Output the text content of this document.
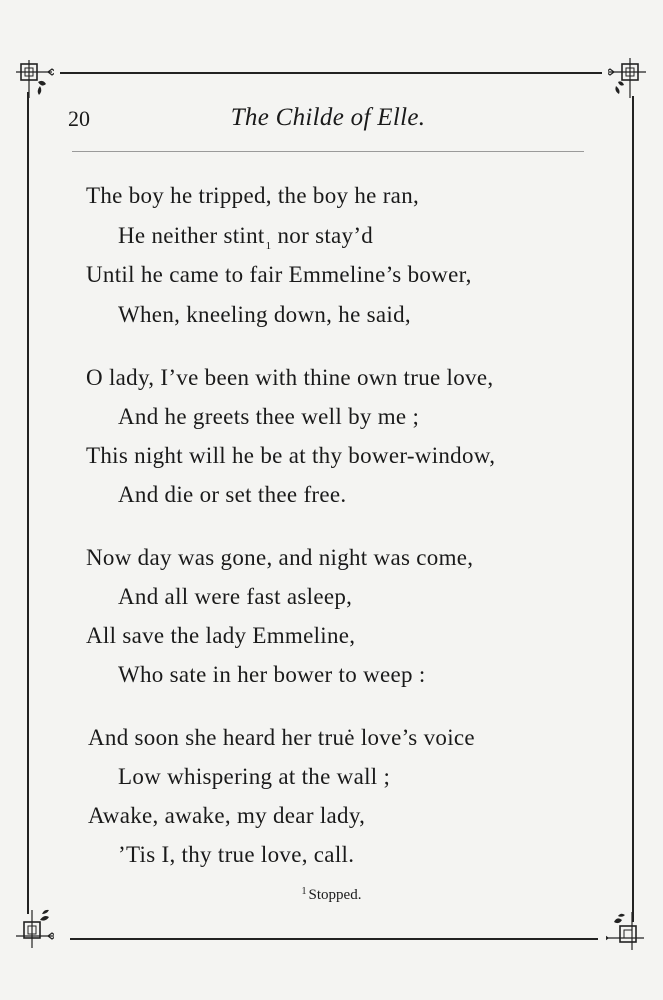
20	The Childe of Elle.
The boy he tripped, the boy he ran,
He neither stint$_1$ nor stay’d
Until he came to fair Emmeline’s bower,
When, kneeling down, he said,
O lady, I’ve been with thine own true love,
And he greets thee well by me ;
This night will he be at thy bower-window,
And die or set thee free.
Now day was gone, and night was come,
And all were fast asleep,
All save the lady Emmeline,
Who sate in her bower to weep :
And soon she heard her truė love’s voice
Low whispering at the wall ;
Awake, awake, my dear lady,
’Tis I, thy true love, call.
$^1$ Stopped.
